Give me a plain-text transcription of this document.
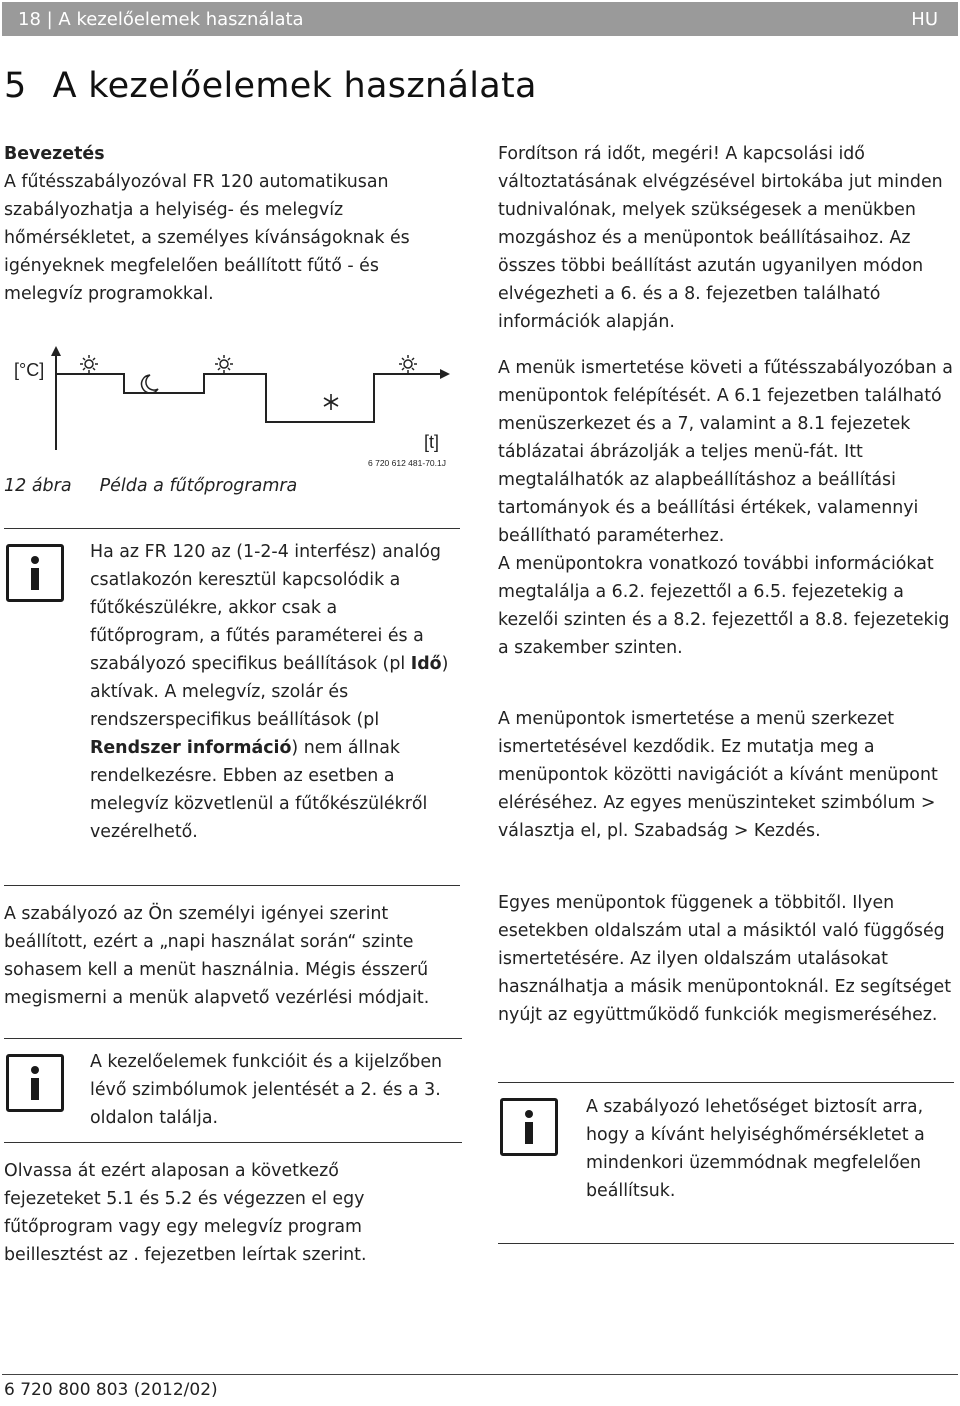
18 | A kezelőelemek használata	HU
5 A kezelőelemek használata

Bevezetés

A fűtésszabályozóval FR 120 automatikusan szabályozhatja a helyiség- és melegvíz hőmérsékletet, a személyes kívánságoknak és igényeknek megfelelően beállított fűtő - és melegvíz programokkal.

[°C]
[t]
6 720 612 481-70.1J
12 ábra Példa a fűtőprogramra
Ha az FR 120 az (1-2-4 interfész) analóg csatlakozón keresztül kapcsolódik a fűtőkészülékre, akkor csak a fűtőprogram, a fűtés paraméterei és a szabályozó specifikus beállítások (pl Idő) aktívak. A melegvíz, szolár és rendszerspecifikus beállítások (pl Rendszer információ) nem állnak rendelkezésre. Ebben az esetben a melegvíz közvetlenül a fűtőkészülékről vezérelhető.

A szabályozó az Ön személyi igényei szerint beállított, ezért a „napi használat során“ szinte sohasem kell a menüt használnia. Mégis ésszerű megismerni a menük alapvető vezérlési módjait.

A kezelőelemek funkcióit és a kijelzőben lévő szimbólumok jelentését a 2. és a 3. oldalon találja.

Olvassa át ezért alaposan a következő fejezeteket 5.1 és 5.2 és végezzen el egy fűtőprogram vagy egy melegvíz program beillesztést az . fejezetben leírtak szerint.

Fordítson rá időt, megéri! A kapcsolási idő változtatásának elvégzésével birtokába jut minden tudnivalónak, melyek szükségesek a menükben mozgáshoz és a menüpontok beállításaihoz. Az összes többi beállítást azután ugyanilyen módon elvégezheti a 6. és a 8. fejezetben található információk alapján.

A menük ismertetése követi a fűtésszabályozóban a menüpontok felépítését. A 6.1 fejezetben található menüszerkezet és a 7, valamint a 8.1 fejezetek táblázatai ábrázolják a teljes menü-fát. Itt megtalálhatók az alapbeállításhoz a beállítási tartományok és a beállítási értékek, valamennyi beállítható paraméterhez.

A menüpontokra vonatkozó további információkat megtalálja a 6.2. fejezettől a 6.5. fejezetekig a kezelői szinten és a 8.2. fejezettől a 8.8. fejezetekig a szakember szinten.

A menüpontok ismertetése a menü szerkezet ismertetésével kezdődik. Ez mutatja meg a menüpontok közötti navigációt a kívánt menüpont eléréséhez. Az egyes menüszinteket szimbólum > választja el, pl. Szabadság > Kezdés.

Egyes menüpontok függenek a többitől. Ilyen esetekben oldalszám utal a másiktól való függőség ismertetésére. Az ilyen oldalszám utalásokat használhatja a másik menüpontoknál. Ez segítséget nyújt az együttműködő funkciók megismeréséhez.

A szabályozó lehetőséget biztosít arra, hogy a kívánt helyiséghőmérsékletet a mindenkori üzemmódnak megfelelően beállítsuk.
6 720 800 803 (2012/02)
